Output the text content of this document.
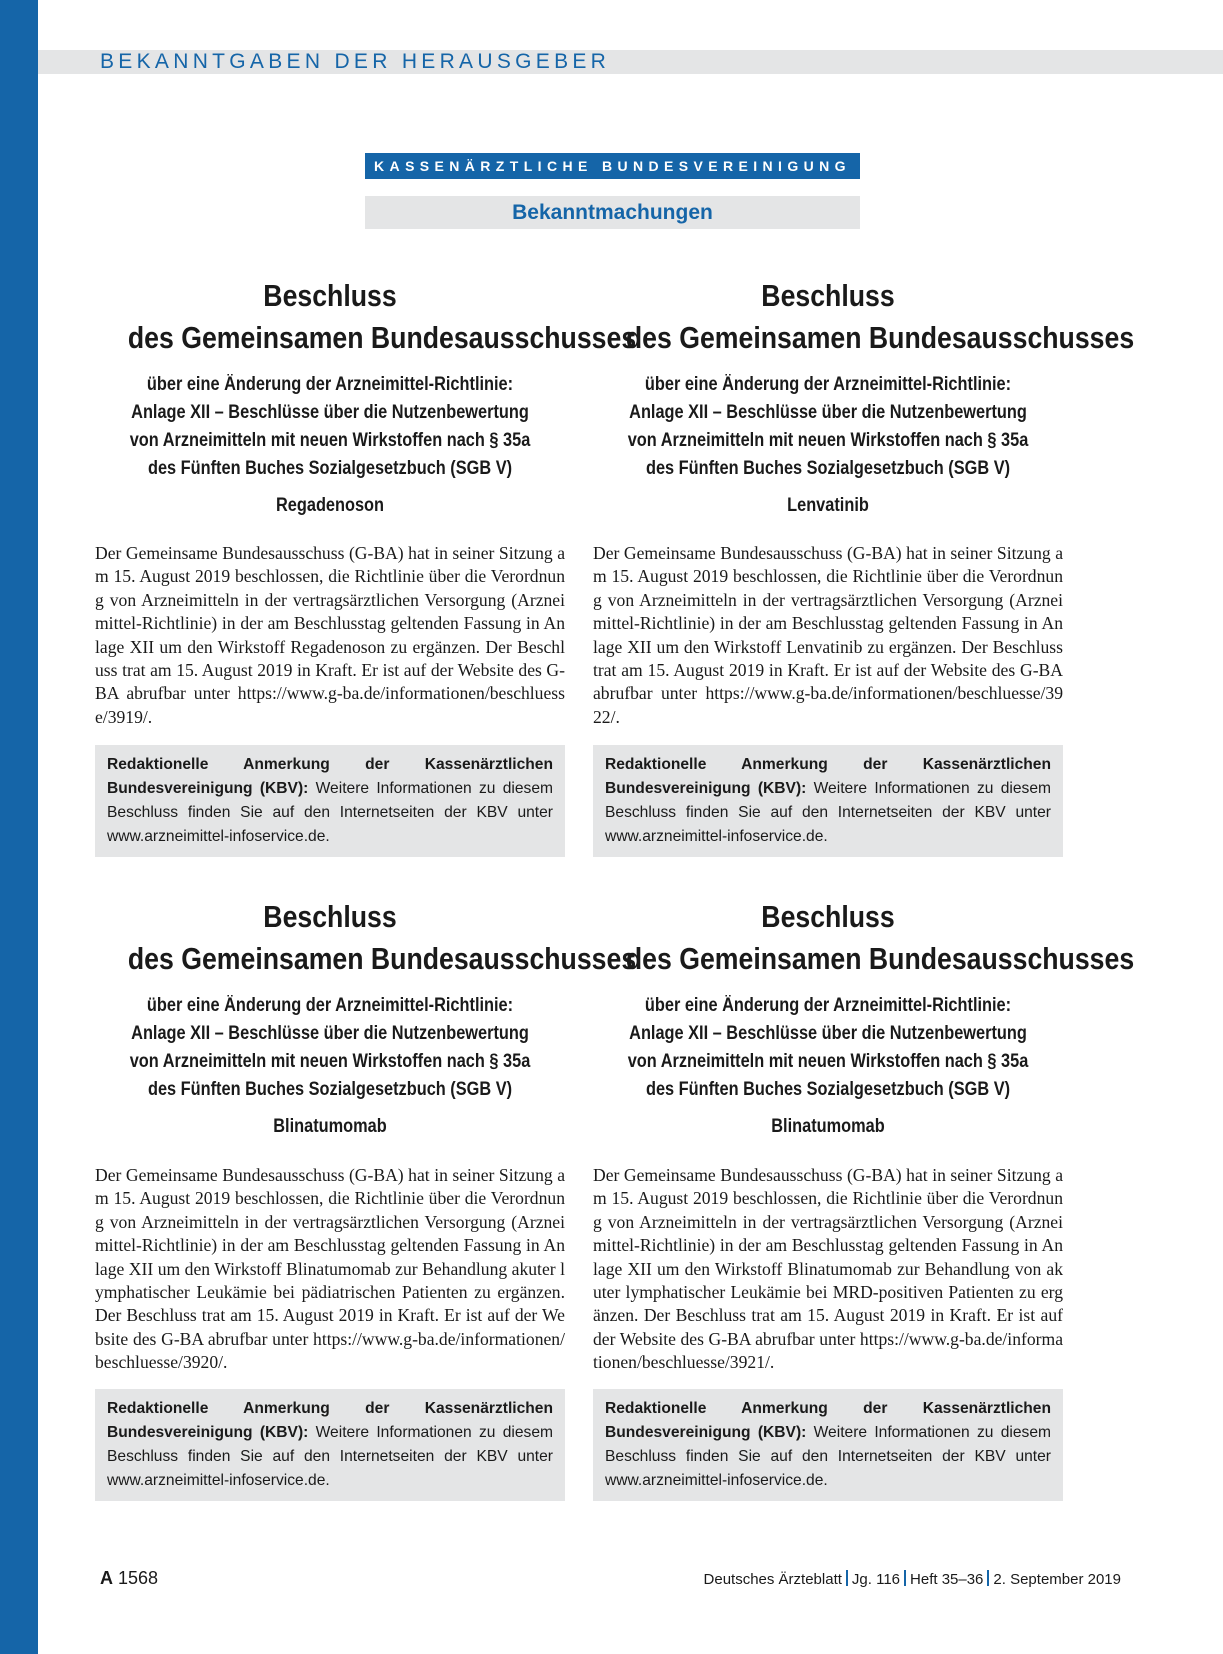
BEKANNTGABEN DER HERAUSGEBER
KASSENÄRZTLICHE BUNDESVEREINIGUNG
Bekanntmachungen
Beschluss
des Gemeinsamen Bundesausschusses
über eine Änderung der Arzneimittel-Richtlinie:
Anlage XII – Beschlüsse über die Nutzenbewertung
von Arzneimitteln mit neuen Wirkstoffen nach § 35a
des Fünften Buches Sozialgesetzbuch (SGB V)
Regadenoson
Der Gemeinsame Bundesausschuss (G-BA) hat in seiner Sitzung am 15. August 2019 beschlossen, die Richtlinie über die Verordnung von Arzneimitteln in der vertragsärztlichen Versorgung (Arzneimittel-Richtlinie) in der am Beschlusstag geltenden Fassung in Anlage XII um den Wirkstoff Regadenoson zu ergänzen. Der Beschluss trat am 15. August 2019 in Kraft. Er ist auf der Website des G-BA abrufbar unter https://www.g-ba.de/informationen/beschluesse/3919/.
Redaktionelle Anmerkung der Kassenärztlichen Bundesvereinigung (KBV): Weitere Informationen zu diesem Beschluss finden Sie auf den Internetseiten der KBV unter www.arzneimittel-infoservice.de.
Beschluss
des Gemeinsamen Bundesausschusses
über eine Änderung der Arzneimittel-Richtlinie:
Anlage XII – Beschlüsse über die Nutzenbewertung
von Arzneimitteln mit neuen Wirkstoffen nach § 35a
des Fünften Buches Sozialgesetzbuch (SGB V)
Lenvatinib
Der Gemeinsame Bundesausschuss (G-BA) hat in seiner Sitzung am 15. August 2019 beschlossen, die Richtlinie über die Verordnung von Arzneimitteln in der vertragsärztlichen Versorgung (Arzneimittel-Richtlinie) in der am Beschlusstag geltenden Fassung in Anlage XII um den Wirkstoff Lenvatinib zu ergänzen. Der Beschluss trat am 15. August 2019 in Kraft. Er ist auf der Website des G-BA abrufbar unter https://www.g-ba.de/informationen/beschluesse/3922/.
Redaktionelle Anmerkung der Kassenärztlichen Bundesvereinigung (KBV): Weitere Informationen zu diesem Beschluss finden Sie auf den Internetseiten der KBV unter www.arzneimittel-infoservice.de.
Beschluss
des Gemeinsamen Bundesausschusses
über eine Änderung der Arzneimittel-Richtlinie:
Anlage XII – Beschlüsse über die Nutzenbewertung
von Arzneimitteln mit neuen Wirkstoffen nach § 35a
des Fünften Buches Sozialgesetzbuch (SGB V)
Blinatumomab
Der Gemeinsame Bundesausschuss (G-BA) hat in seiner Sitzung am 15. August 2019 beschlossen, die Richtlinie über die Verordnung von Arzneimitteln in der vertragsärztlichen Versorgung (Arzneimittel-Richtlinie) in der am Beschlusstag geltenden Fassung in Anlage XII um den Wirkstoff Blinatumomab zur Behandlung akuter lymphatischer Leukämie bei pädiatrischen Patienten zu ergänzen. Der Beschluss trat am 15. August 2019 in Kraft. Er ist auf der Website des G-BA abrufbar unter https://www.g-ba.de/informationen/beschluesse/3920/.
Redaktionelle Anmerkung der Kassenärztlichen Bundesvereinigung (KBV): Weitere Informationen zu diesem Beschluss finden Sie auf den Internetseiten der KBV unter www.arzneimittel-infoservice.de.
Beschluss
des Gemeinsamen Bundesausschusses
über eine Änderung der Arzneimittel-Richtlinie:
Anlage XII – Beschlüsse über die Nutzenbewertung
von Arzneimitteln mit neuen Wirkstoffen nach § 35a
des Fünften Buches Sozialgesetzbuch (SGB V)
Blinatumomab
Der Gemeinsame Bundesausschuss (G-BA) hat in seiner Sitzung am 15. August 2019 beschlossen, die Richtlinie über die Verordnung von Arzneimitteln in der vertragsärztlichen Versorgung (Arzneimittel-Richtlinie) in der am Beschlusstag geltenden Fassung in Anlage XII um den Wirkstoff Blinatumomab zur Behandlung von akuter lymphatischer Leukämie bei MRD-positiven Patienten zu ergänzen. Der Beschluss trat am 15. August 2019 in Kraft. Er ist auf der Website des G-BA abrufbar unter https://www.g-ba.de/informationen/beschluesse/3921/.
Redaktionelle Anmerkung der Kassenärztlichen Bundesvereinigung (KBV): Weitere Informationen zu diesem Beschluss finden Sie auf den Internetseiten der KBV unter www.arzneimittel-infoservice.de.
A 1568	Deutsches Ärzteblatt Jg. 116 Heft 35–36 2. September 2019
